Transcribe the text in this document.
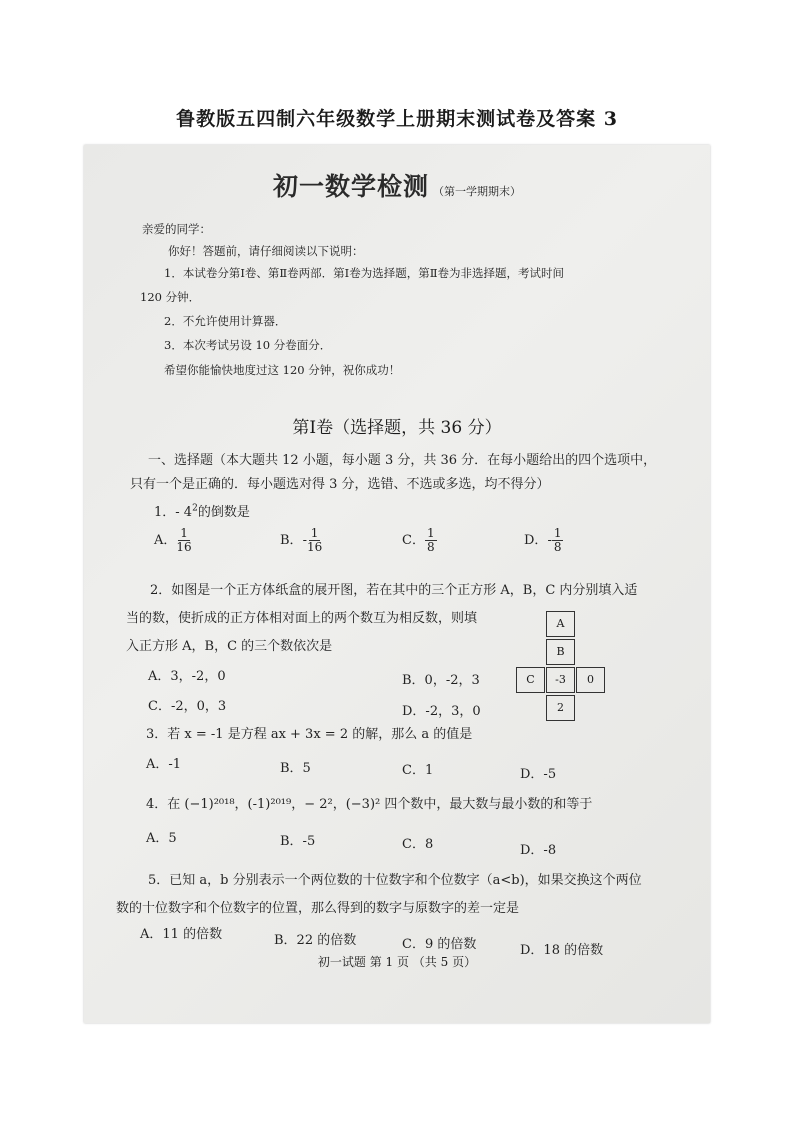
鲁教版五四制六年级数学上册期末测试卷及答案 3
初一数学检测 （第一学期期末）
亲爱的同学：
你好！答题前，请仔细阅读以下说明：
1．本试卷分第Ⅰ卷、第Ⅱ卷两部．第Ⅰ卷为选择题，第Ⅱ卷为非选择题，考试时间
120 分钟．
2．不允许使用计算器．
3．本次考试另设 10 分卷面分．
希望你能愉快地度过这 120 分钟，祝你成功！
第Ⅰ卷（选择题，共 36 分）
一、选择题（本大题共 12 小题，每小题 3 分，共 36 分．在每小题给出的四个选项中，
只有一个是正确的．每小题选对得 3 分，选错、不选或多选，均不得分）
1．- $4^2$的倒数是
A． $\frac{1}{16}$	B．- $\frac{1}{16}$	C． $\frac{1}{8}$	D．- $\frac{1}{8}$
2．如图是一个正方体纸盒的展开图，若在其中的三个正方形 A，B，C 内分别填入适
当的数，使折成的正方体相对面上的两个数互为相反数，则填
入正方形 A，B，C 的三个数依次是
A．3，-2，0	B．0，-2，3
C．-2，0，3	D．-2，3，0
A
B
C	-3	0
2
3．若 x = -1 是方程 ax + 3x = 2 的解，那么 a 的值是
A．-1	B．5	C．1	D．-5
4．在 (−1)²⁰¹⁸，(-1)²⁰¹⁹，− 2²，(−3)² 四个数中，最大数与最小数的和等于
A．5	B．-5	C．8	D．-8
5．已知 a，b 分别表示一个两位数的十位数字和个位数字（a<b)，如果交换这个两位
数的十位数字和个位数字的位置，那么得到的数字与原数字的差一定是
A．11 的倍数	B．22 的倍数	C．9 的倍数	D．18 的倍数
初一试题 第 1 页 （共 5 页）
